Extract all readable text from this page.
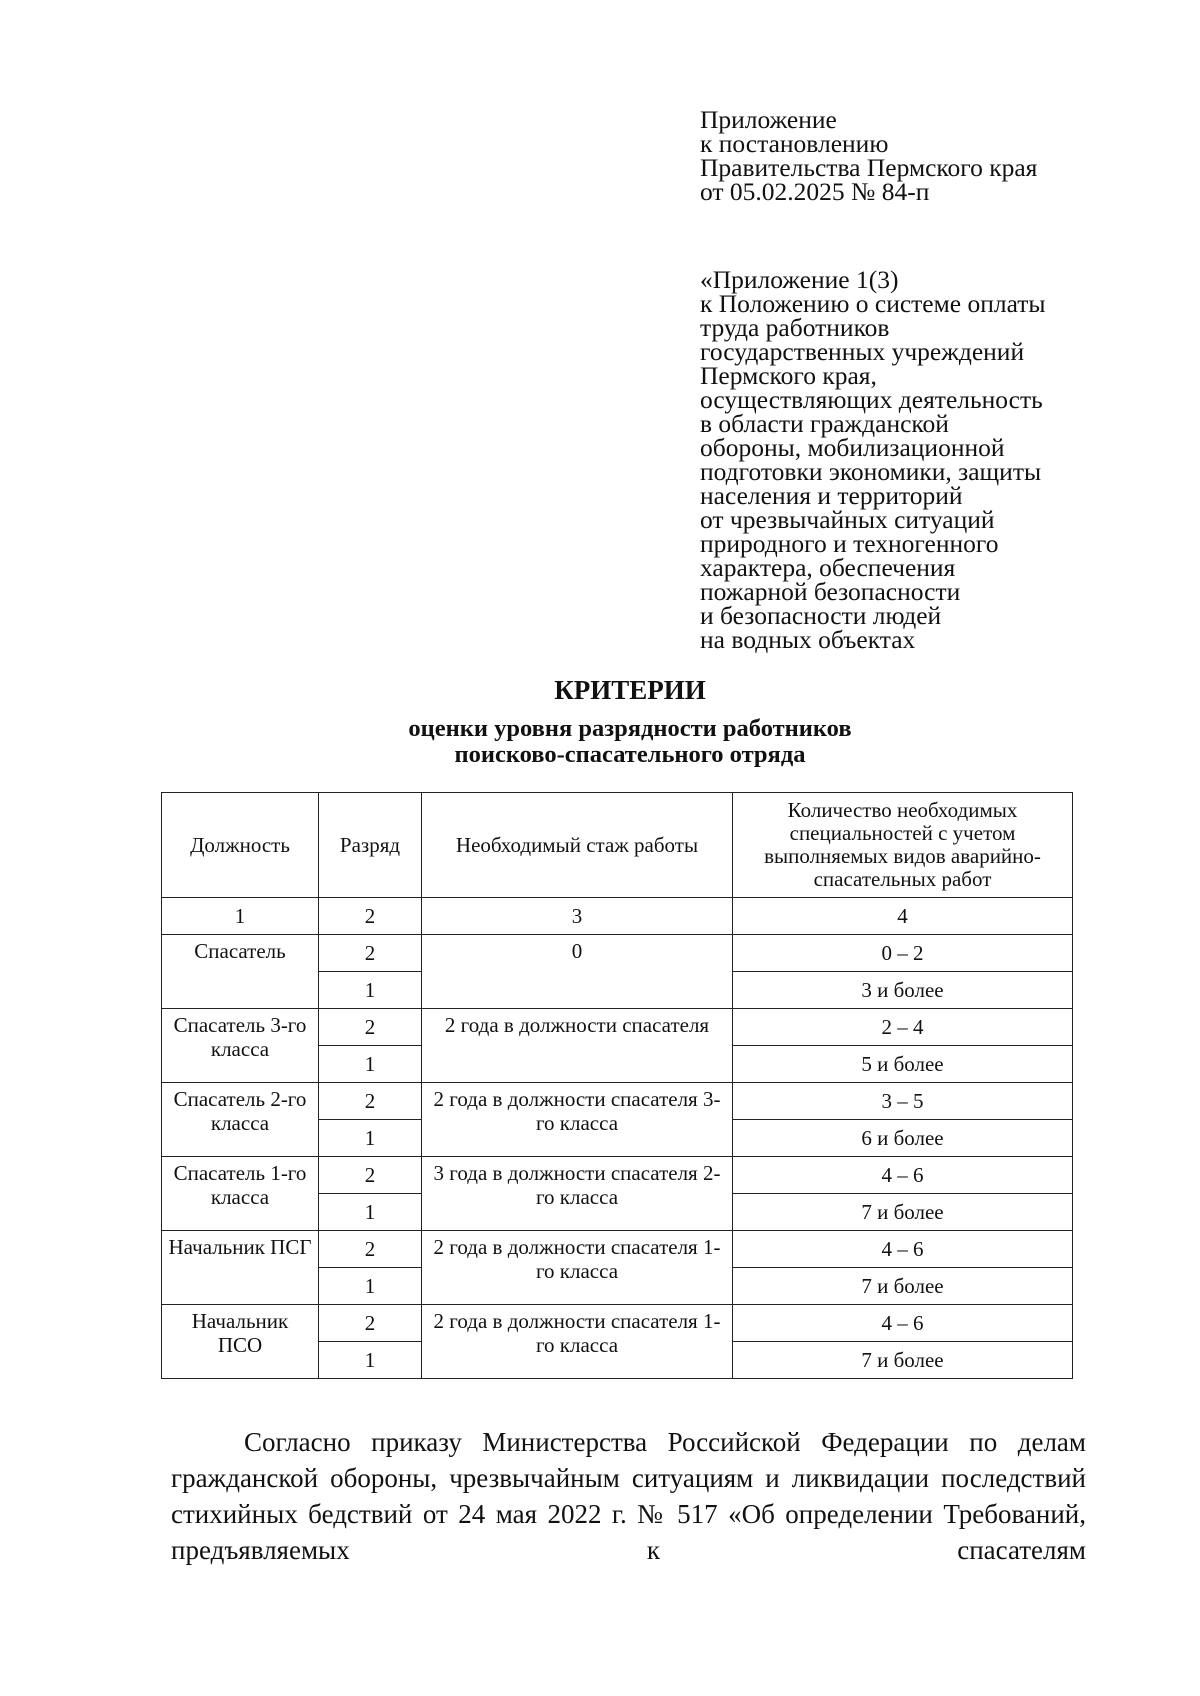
Приложение
к постановлению
Правительства Пермского края
от 05.02.2025 № 84-п
«Приложение 1(3)
к Положению о системе оплаты
труда работников
государственных учреждений
Пермского края,
осуществляющих деятельность
в области гражданской
обороны, мобилизационной
подготовки экономики, защиты
населения и территорий
от чрезвычайных ситуаций
природного и техногенного
характера, обеспечения
пожарной безопасности
и безопасности людей
на водных объектах
КРИТЕРИИ
оценки уровня разрядности работников
поисково-спасательного отряда
Должность	Разряд	Необходимый стаж работы	Количество необходимых специальностей с учетом выполняемых видов аварийно-спасательных работ
1	2	3	4
Спасатель	2	0	0 – 2
	1		3 и более
Спасатель 3-го класса	2	2 года в должности спасателя	2 – 4
	1		5 и более
Спасатель 2-го класса	2	2 года в должности спасателя 3-го класса	3 – 5
	1		6 и более
Спасатель 1-го класса	2	3 года в должности спасателя 2-го класса	4 – 6
	1		7 и более
Начальник ПСГ	2	2 года в должности спасателя 1-го класса	4 – 6
	1		7 и более
Начальник ПСО	2	2 года в должности спасателя 1-го класса	4 – 6
	1		7 и более

Согласно приказу Министерства Российской Федерации по делам гражданской обороны, чрезвычайным ситуациям и ликвидации последствий стихийных бедствий от 24 мая 2022 г. № 517 «Об определении Требований, предъявляемых к спасателям
